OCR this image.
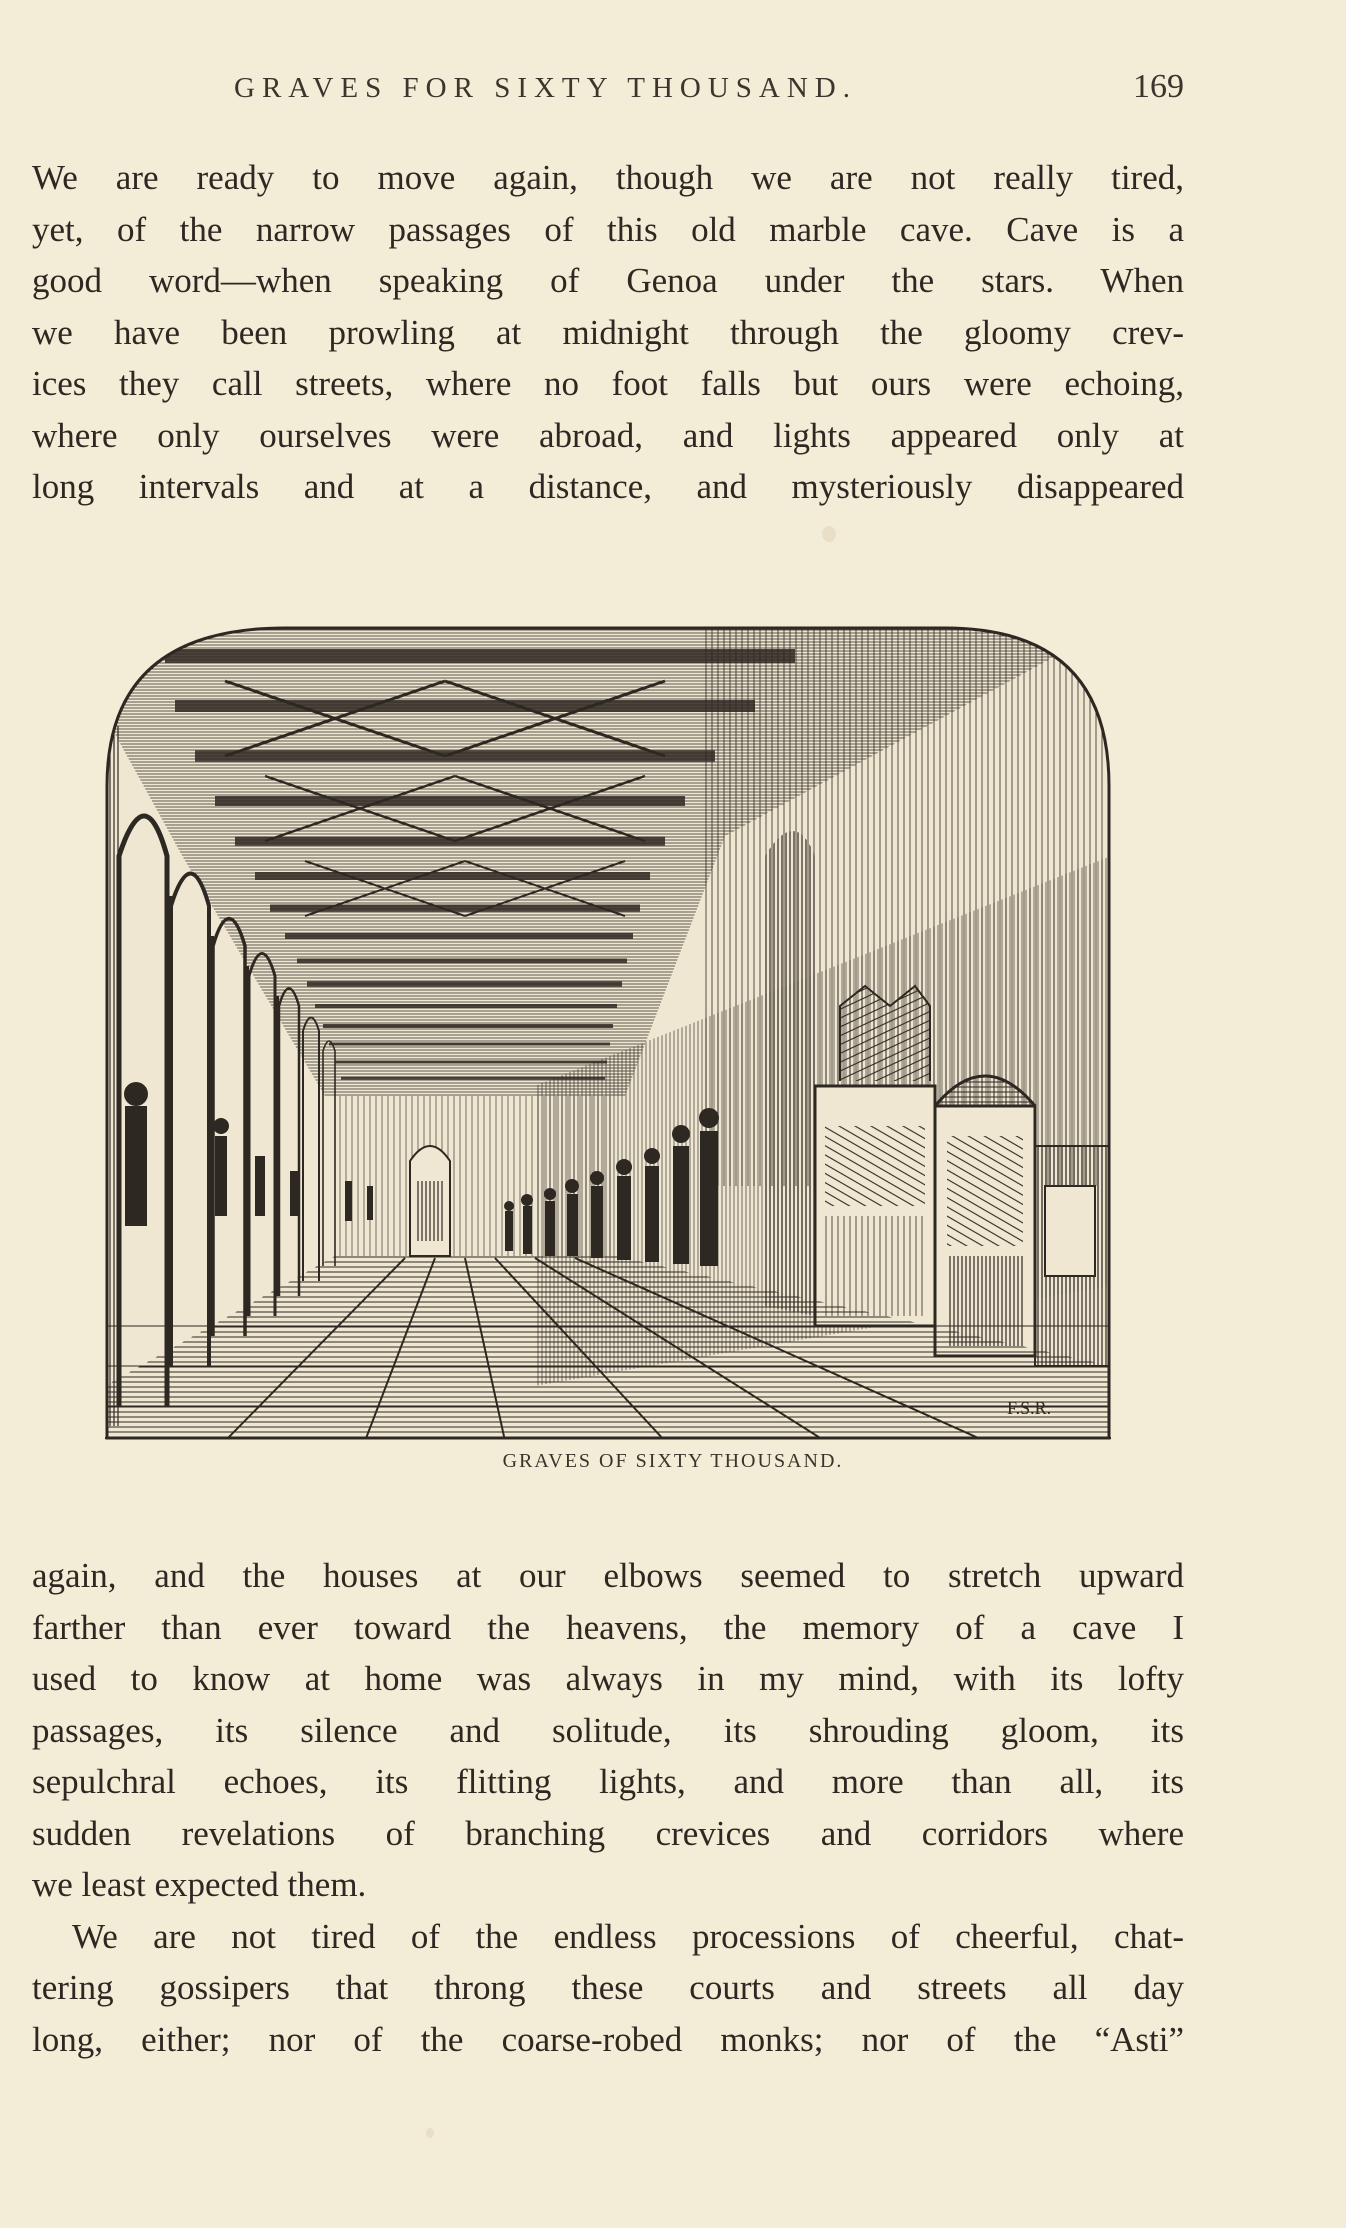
GRAVES FOR SIXTY THOUSAND.	169
We are ready to move again, though we are not really tired,
yet, of the narrow passages of this old marble cave. Cave is a
good word—when speaking of Genoa under the stars. When
we have been prowling at midnight through the gloomy crev-
ices they call streets, where no foot falls but ours were echoing,
where only ourselves were abroad, and lights appeared only at
long intervals and at a distance, and mysteriously disappeared
F.S.R.
GRAVES OF SIXTY THOUSAND.
again, and the houses at our elbows seemed to stretch upward
farther than ever toward the heavens, the memory of a cave I
used to know at home was always in my mind, with its lofty
passages, its silence and solitude, its shrouding gloom, its
sepulchral echoes, its flitting lights, and more than all, its
sudden revelations of branching crevices and corridors where
we least expected them.
We are not tired of the endless processions of cheerful, chat-
tering gossipers that throng these courts and streets all day
long, either; nor of the coarse-robed monks; nor of the “Asti”
